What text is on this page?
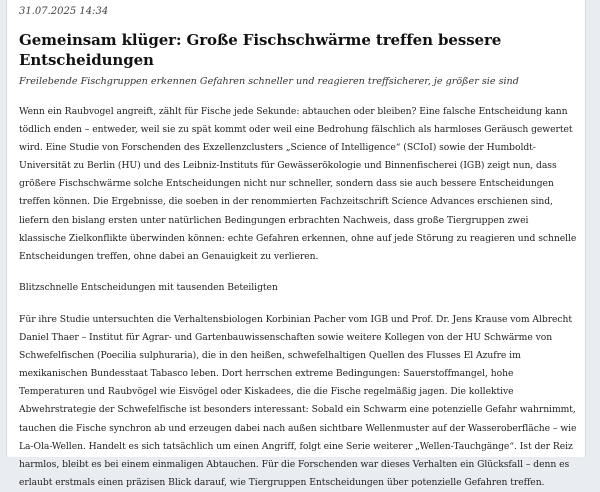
31.07.2025 14:34

Gemeinsam klüger: Große Fischschwärme treffen bessere Entscheidungen

Freilebende Fischgruppen erkennen Gefahren schneller und reagieren treffsicherer, je größer sie sind

Wenn ein Raubvogel angreift, zählt für Fische jede Sekunde: abtauchen oder bleiben? Eine falsche Entscheidung kann tödlich enden – entweder, weil sie zu spät kommt oder weil eine Bedrohung fälschlich als harmloses Geräusch gewertet wird. Eine Studie von Forschenden des Exzellenzclusters „Science of Intelligence“ (SCIoI) sowie der Humboldt-Universität zu Berlin (HU) und des Leibniz-Instituts für Gewässerökologie und Binnenfischerei (IGB) zeigt nun, dass größere Fischschwärme solche Entscheidungen nicht nur schneller, sondern dass sie auch bessere Entscheidungen treffen können. Die Ergebnisse, die soeben in der renommierten Fachzeitschrift Science Advances erschienen sind, liefern den bislang ersten unter natürlichen Bedingungen erbrachten Nachweis, dass große Tiergruppen zwei klassische Zielkonflikte überwinden können: echte Gefahren erkennen, ohne auf jede Störung zu reagieren und schnelle Entscheidungen treffen, ohne dabei an Genauigkeit zu verlieren.

Blitzschnelle Entscheidungen mit tausenden Beteiligten

Für ihre Studie untersuchten die Verhaltensbiologen Korbinian Pacher vom IGB und Prof. Dr. Jens Krause vom Albrecht Daniel Thaer – Institut für Agrar- und Gartenbauwissenschaften sowie weitere Kollegen von der HU Schwärme von Schwefelfischen (Poecilia sulphuraria), die in den heißen, schwefelhaltigen Quellen des Flusses El Azufre im mexikanischen Bundesstaat Tabasco leben. Dort herrschen extreme Bedingungen: Sauerstoffmangel, hohe Temperaturen und Raubvögel wie Eisvögel oder Kiskadees, die die Fische regelmäßig jagen. Die kollektive Abwehrstrategie der Schwefelfische ist besonders interessant: Sobald ein Schwarm eine potenzielle Gefahr wahrnimmt, tauchen die Fische synchron ab und erzeugen dabei nach außen sichtbare Wellenmuster auf der Wasseroberfläche – wie La-Ola-Wellen. Handelt es sich tatsächlich um einen Angriff, folgt eine Serie weiterer „Wellen-Tauchgänge“. Ist der Reiz harmlos, bleibt es bei einem einmaligen Abtauchen. Für die Forschenden war dieses Verhalten ein Glücksfall – denn es erlaubt erstmals einen präzisen Blick darauf, wie Tiergruppen Entscheidungen über potenzielle Gefahren treffen.
